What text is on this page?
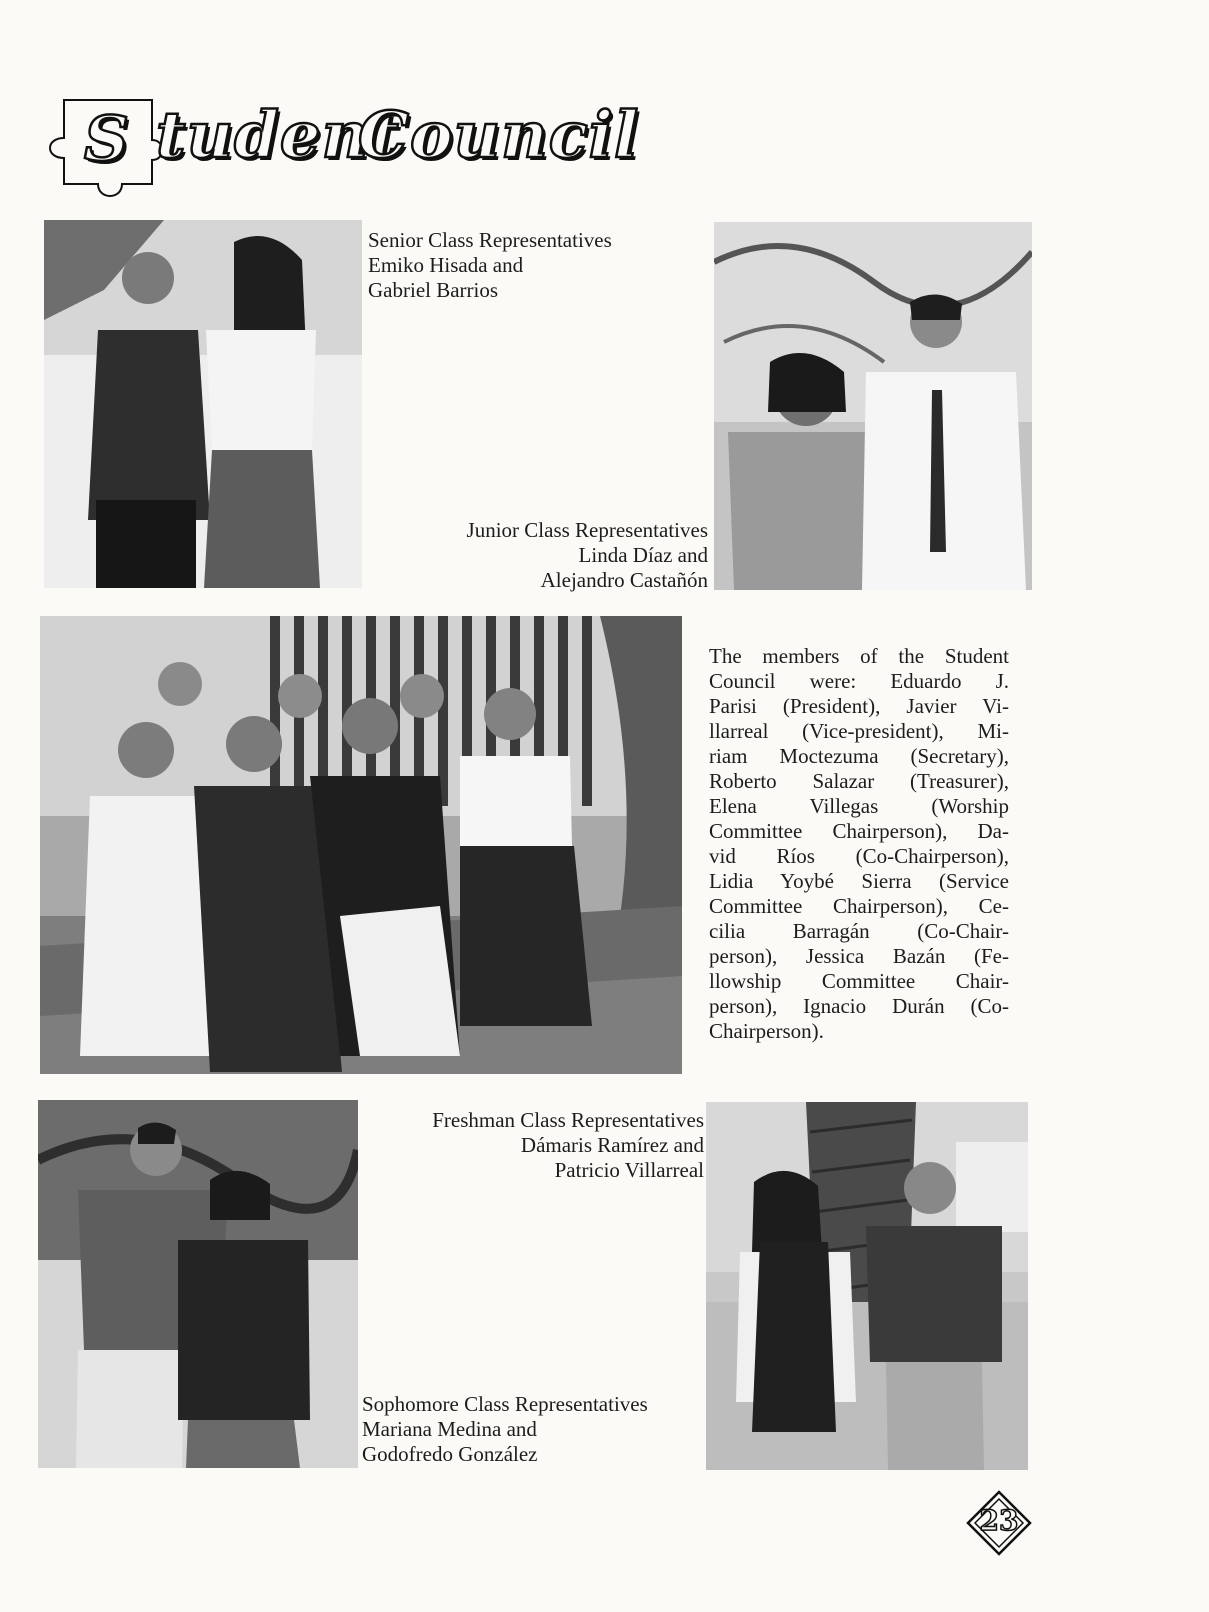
S tudent
Council
Senior Class Representatives
Emiko Hisada and
Gabriel Barrios
Junior Class Representatives
Linda Díaz and
Alejandro Castañón
The members of the Student
Council were: Eduardo J.
Parisi (President), Javier Vi-
llarreal (Vice-president), Mi-
riam Moctezuma (Secretary),
Roberto Salazar (Treasurer),
Elena Villegas (Worship
Committee Chairperson), Da-
vid Ríos (Co-Chairperson),
Lidia Yoybé Sierra (Service
Committee Chairperson), Ce-
cilia Barragán (Co-Chair-
person), Jessica Bazán (Fe-
llowship Committee Chair-
person), Ignacio Durán (Co-
Chairperson).
Sophomore Class Representatives
Mariana Medina and
Godofredo González
Freshman Class Representatives
Dámaris Ramírez and
Patricio Villarreal
23
